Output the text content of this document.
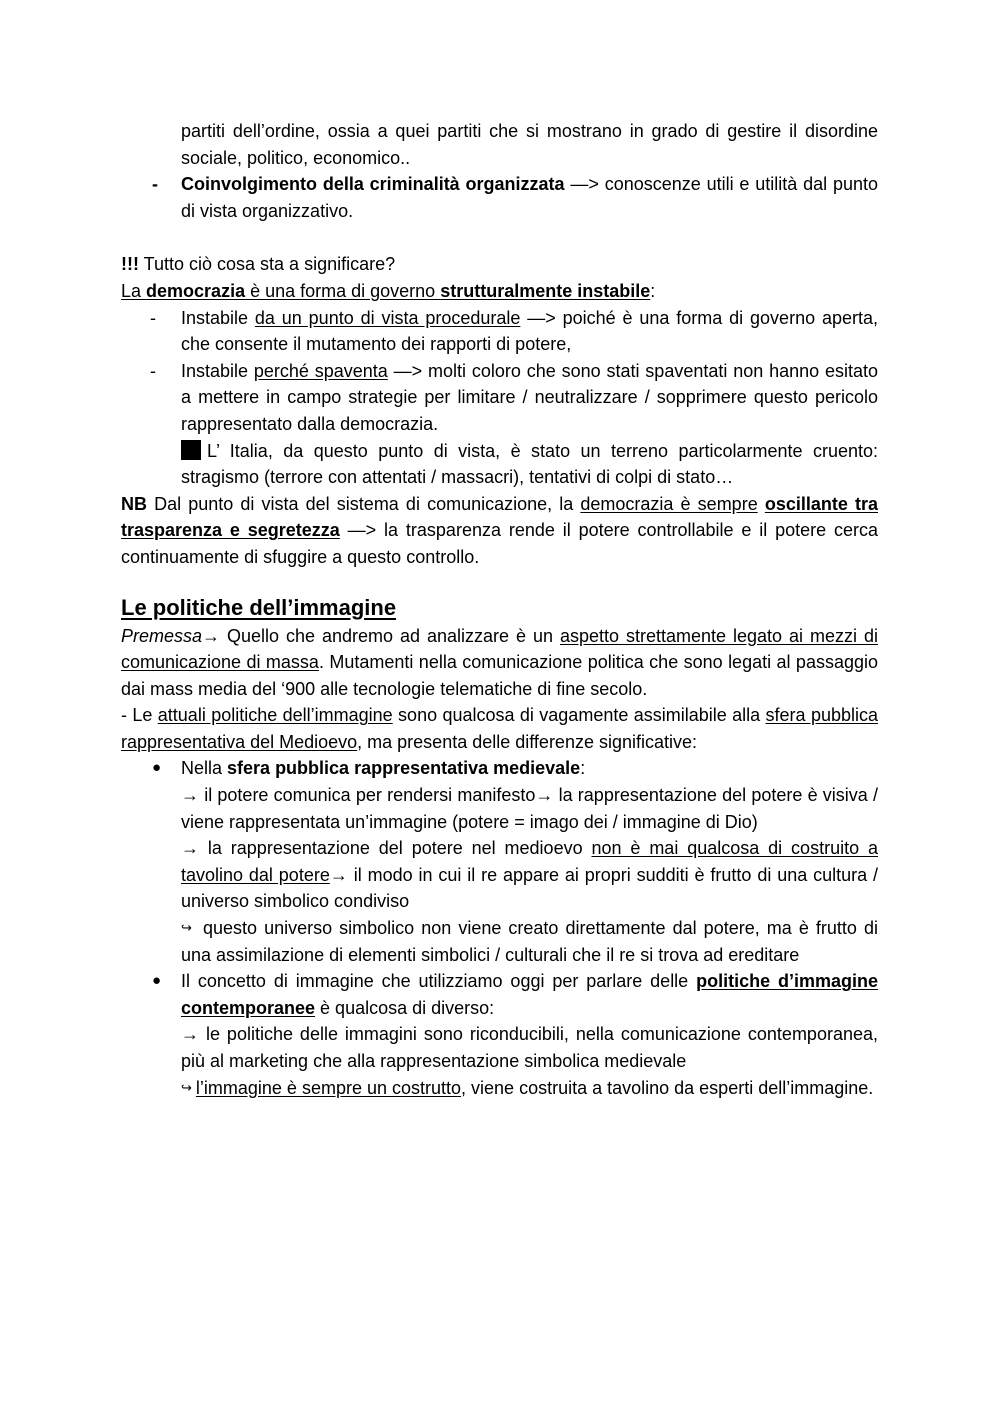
partiti dell’ordine, ossia a quei partiti che si mostrano in grado di gestire il disordine sociale, politico, economico..
- Coinvolgimento della criminalità organizzata —> conoscenze utili e utilità dal punto di vista organizzativo.
!!! Tutto ciò cosa sta a significare?
La democrazia è una forma di governo strutturalmente instabile:
- Instabile da un punto di vista procedurale —> poiché è una forma di governo aperta, che consente il mutamento dei rapporti di potere,
- Instabile perché spaventa —> molti coloro che sono stati spaventati non hanno esitato a mettere in campo strategie per limitare / neutralizzare / sopprimere questo pericolo rappresentato dalla democrazia.
L’ Italia, da questo punto di vista, è stato un terreno particolarmente cruento: stragismo (terrore con attentati / massacri), tentativi di colpi di stato…
NB Dal punto di vista del sistema di comunicazione, la democrazia è sempre oscillante tra trasparenza e segretezza —> la trasparenza rende il potere controllabile e il potere cerca continuamente di sfuggire a questo controllo.
Le politiche dell’immagine
Premessa→ Quello che andremo ad analizzare è un aspetto strettamente legato ai mezzi di comunicazione di massa. Mutamenti nella comunicazione politica che sono legati al passaggio dai mass media del ‘900 alle tecnologie telematiche di fine secolo.
- Le attuali politiche dell’immagine sono qualcosa di vagamente assimilabile alla sfera pubblica rappresentativa del Medioevo, ma presenta delle differenze significative:
● Nella sfera pubblica rappresentativa medievale:
→ il potere comunica per rendersi manifesto→ la rappresentazione del potere è visiva / viene rappresentata un’immagine (potere = imago dei / immagine di Dio)
→ la rappresentazione del potere nel medioevo non è mai qualcosa di costruito a tavolino dal potere→ il modo in cui il re appare ai propri sudditi è frutto di una cultura / universo simbolico condiviso
↪ questo universo simbolico non viene creato direttamente dal potere, ma è frutto di una assimilazione di elementi simbolici / culturali che il re si trova ad ereditare
● Il concetto di immagine che utilizziamo oggi per parlare delle politiche d’immagine contemporanee è qualcosa di diverso:
→ le politiche delle immagini sono riconducibili, nella comunicazione contemporanea, più al marketing che alla rappresentazione simbolica medievale
↪ l’immagine è sempre un costrutto, viene costruita a tavolino da esperti dell’immagine.
